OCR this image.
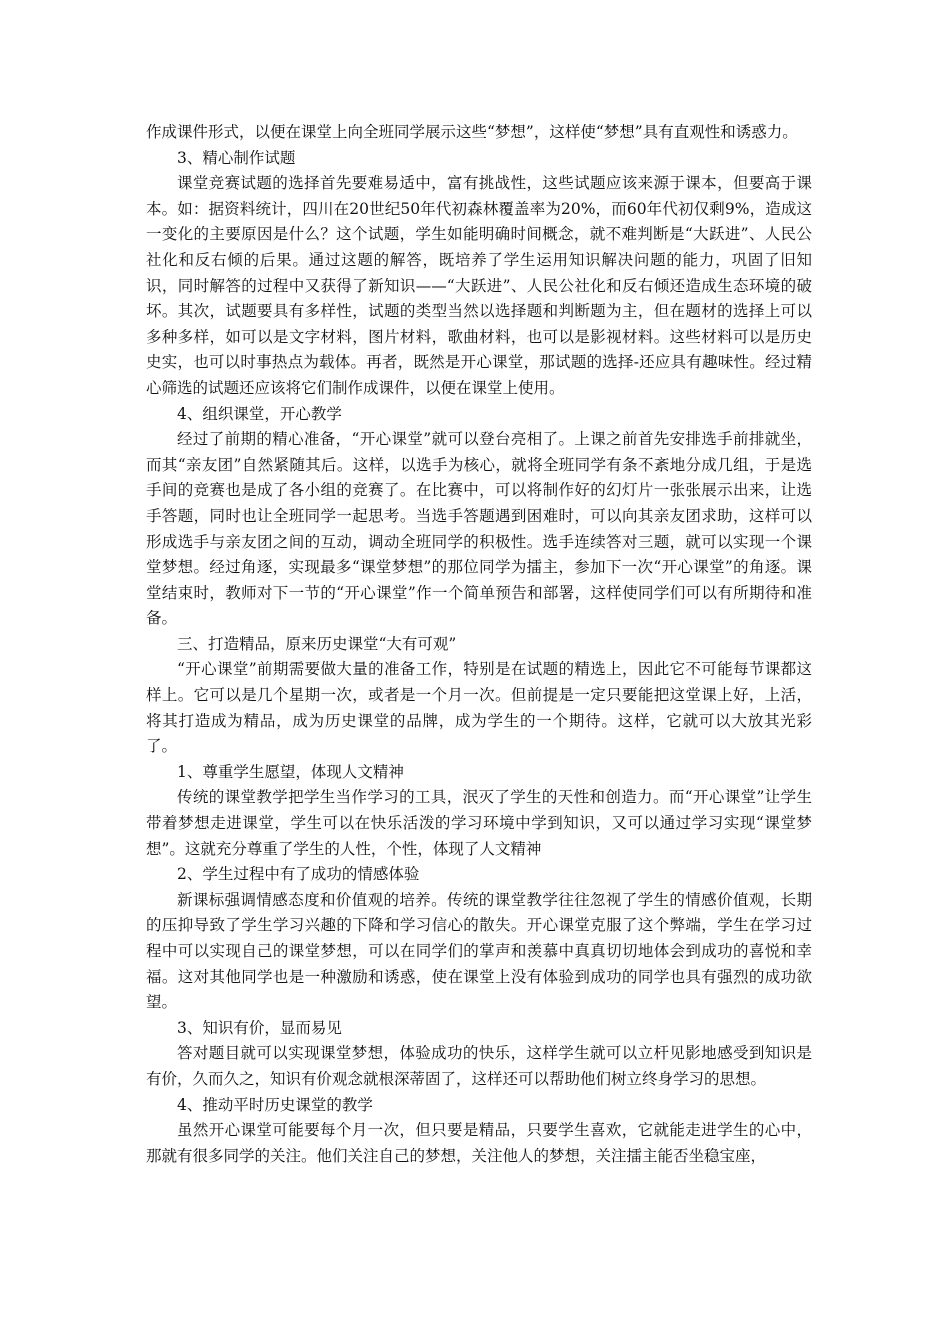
作成课件形式，以便在课堂上向全班同学展示这些“梦想”，这样使“梦想”具有直观性和诱惑力。

3、精心制作试题

课堂竞赛试题的选择首先要难易适中，富有挑战性，这些试题应该来源于课本，但要高于课本。如：据资料统计，四川在20世纪50年代初森林覆盖率为20%，而60年代初仅剩9%，造成这一变化的主要原因是什么？这个试题，学生如能明确时间概念，就不难判断是“大跃进”、人民公社化和反右倾的后果。通过这题的解答，既培养了学生运用知识解决问题的能力，巩固了旧知识，同时解答的过程中又获得了新知识——“大跃进”、人民公社化和反右倾还造成生态环境的破坏。其次，试题要具有多样性，试题的类型当然以选择题和判断题为主，但在题材的选择上可以多种多样，如可以是文字材料，图片材料，歌曲材料，也可以是影视材料。这些材料可以是历史史实，也可以时事热点为载体。再者，既然是开心课堂，那试题的选择-还应具有趣味性。经过精心筛选的试题还应该将它们制作成课件，以便在课堂上使用。

4、组织课堂，开心教学

经过了前期的精心准备，“开心课堂”就可以登台亮相了。上课之前首先安排选手前排就坐，而其“亲友团”自然紧随其后。这样，以选手为核心，就将全班同学有条不紊地分成几组，于是选手间的竞赛也是成了各小组的竞赛了。在比赛中，可以将制作好的幻灯片一张张展示出来，让选手答题，同时也让全班同学一起思考。当选手答题遇到困难时，可以向其亲友团求助，这样可以形成选手与亲友团之间的互动，调动全班同学的积极性。选手连续答对三题，就可以实现一个课堂梦想。经过角逐，实现最多“课堂梦想”的那位同学为擂主，参加下一次“开心课堂”的角逐。课堂结束时，教师对下一节的“开心课堂”作一个简单预告和部署，这样使同学们可以有所期待和准备。

三、打造精品，原来历史课堂“大有可观”

“开心课堂”前期需要做大量的准备工作，特别是在试题的精选上，因此它不可能每节课都这样上。它可以是几个星期一次，或者是一个月一次。但前提是一定只要能把这堂课上好，上活，将其打造成为精品，成为历史课堂的品牌，成为学生的一个期待。这样，它就可以大放其光彩了。

1、尊重学生愿望，体现人文精神

传统的课堂教学把学生当作学习的工具，泯灭了学生的天性和创造力。而“开心课堂”让学生带着梦想走进课堂，学生可以在快乐活泼的学习环境中学到知识，又可以通过学习实现“课堂梦想”。这就充分尊重了学生的人性，个性，体现了人文精神

2、学生过程中有了成功的情感体验

新课标强调情感态度和价值观的培养。传统的课堂教学往往忽视了学生的情感价值观，长期的压抑导致了学生学习兴趣的下降和学习信心的散失。开心课堂克服了这个弊端，学生在学习过程中可以实现自己的课堂梦想，可以在同学们的掌声和羡慕中真真切切地体会到成功的喜悦和幸福。这对其他同学也是一种激励和诱惑，使在课堂上没有体验到成功的同学也具有强烈的成功欲望。

3、知识有价，显而易见

答对题目就可以实现课堂梦想，体验成功的快乐，这样学生就可以立杆见影地感受到知识是有价，久而久之，知识有价观念就根深蒂固了，这样还可以帮助他们树立终身学习的思想。

4、推动平时历史课堂的教学

虽然开心课堂可能要每个月一次，但只要是精品，只要学生喜欢，它就能走进学生的心中，那就有很多同学的关注。他们关注自己的梦想，关注他人的梦想，关注擂主能否坐稳宝座，
